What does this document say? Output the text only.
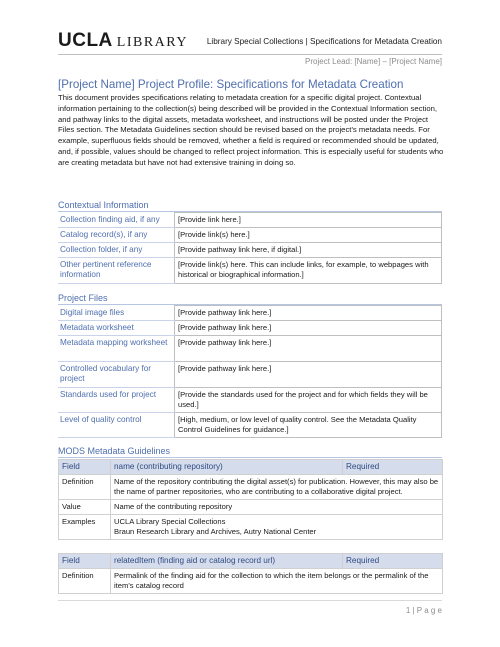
UCLA LIBRARY Library Special Collections | Specifications for Metadata Creation
Project Lead: [Name] – [Project Name]
[Project Name] Project Profile: Specifications for Metadata Creation
This document provides specifications relating to metadata creation for a specific digital project. Contextual information pertaining to the collection(s) being described will be provided in the Contextual Information section, and pathway links to the digital assets, metadata worksheet, and instructions will be posted under the Project Files section. The Metadata Guidelines section should be revised based on the project's metadata needs. For example, superfluous fields should be removed, whether a field is required or recommended should be updated, and, if possible, values should be changed to reflect project information. This is especially useful for students who are creating metadata but have not had extensive training in doing so.
Contextual Information
Collection finding aid, if any	[Provide link here.]
Catalog record(s), if any	[Provide link(s) here.]
Collection folder, if any	[Provide pathway link here, if digital.]
Other pertinent reference information	[Provide link(s) here. This can include links, for example, to webpages with historical or biographical information.]
Project Files
Digital image files	[Provide pathway link here.]
Metadata worksheet	[Provide pathway link here.]
Metadata mapping worksheet	[Provide pathway link here.]
Controlled vocabulary for project	[Provide pathway link here.]
Standards used for project	[Provide the standards used for the project and for which fields they will be used.]
Level of quality control	[High, medium, or low level of quality control. See the Metadata Quality Control Guidelines for guidance.]
MODS Metadata Guidelines
Field	name (contributing repository)	Required
Definition	Name of the repository contributing the digital asset(s) for publication. However, this may also be the name of partner repositories, who are contributing to a collaborative digital project.	
Value	Name of the contributing repository	
Examples	UCLA Library Special Collections
Braun Research Library and Archives, Autry National Center	

Field	relatedItem (finding aid or catalog record url)	Required
Definition	Permalink of the finding aid for the collection to which the item belongs or the permalink of the item's catalog record	
1 | P a g e
